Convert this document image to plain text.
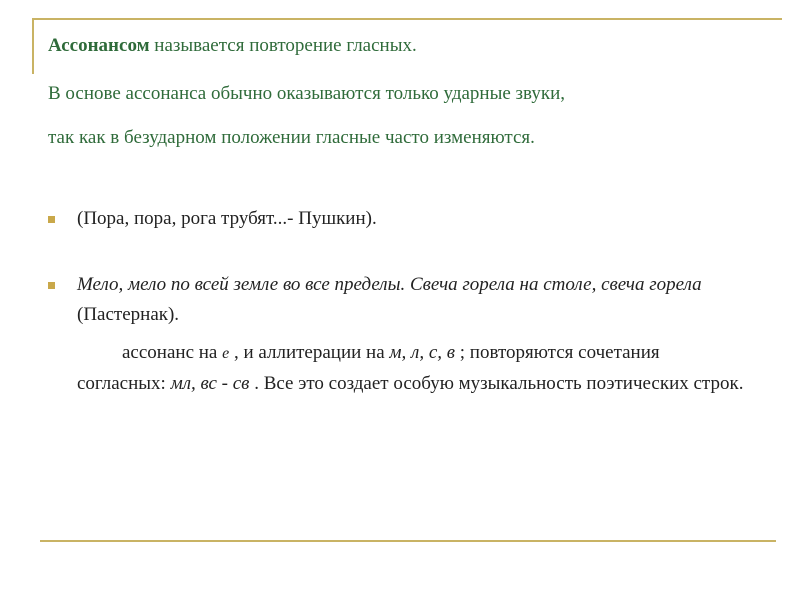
Ассонансом называется повторение гласных.

В основе ассонанса обычно оказываются только ударные звуки,

так как в безударном положении гласные часто изменяются.

(Пора, пора, рога трубят...- Пушкин).
Мело, мело по всей земле во все пределы. Свеча горела на столе, свеча горела (Пастернак).
ассонанс на е , и аллитерации на м, л, с, в ; повторяются сочетания согласных: мл, вс - св . Все это создает особую музыкальность поэтических строк.
